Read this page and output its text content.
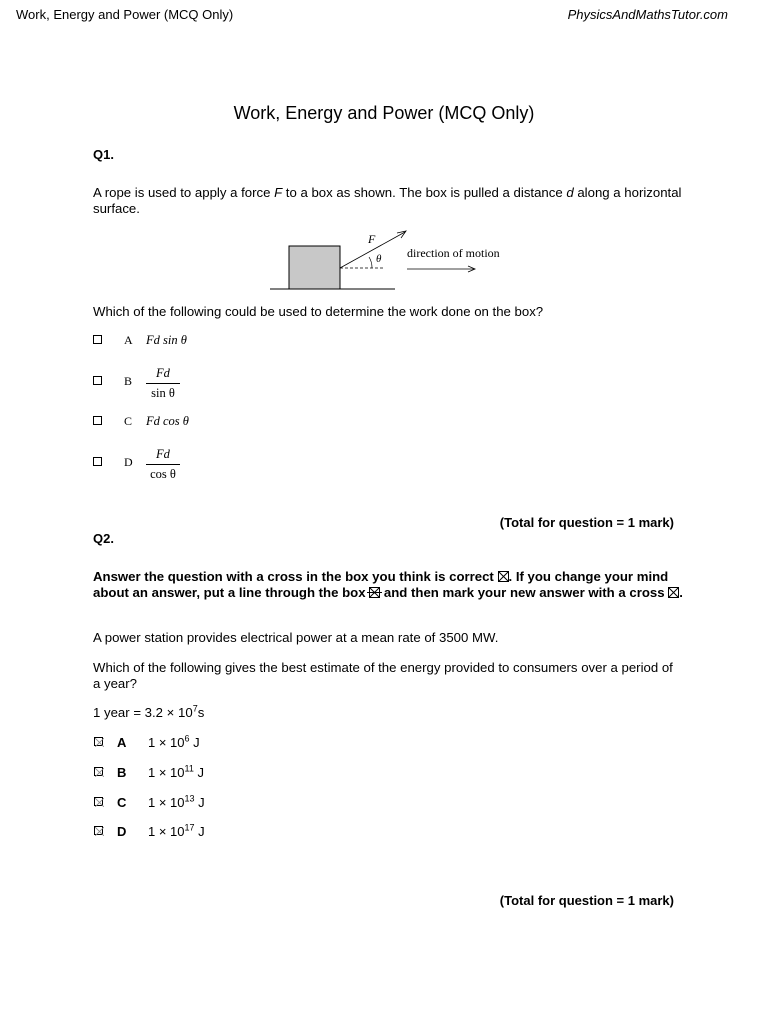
Work, Energy and Power (MCQ Only)	PhysicsAndMathsTutor.com
Work, Energy and Power (MCQ Only)
Q1.
A rope is used to apply a force F to a box as shown. The box is pulled a distance d along a horizontal surface.
F
θ direction of motion
Which of the following could be used to determine the work done on the box?
A Fd sin θ
B $\frac{Fd}{\text{sin θ}}$
C Fd cos θ
D $\frac{Fd}{\text{cos θ}}$
(Total for question = 1 mark)
Q2.
Answer the question with a cross in the box you think is correct ☒. If you change your mind about an answer, put a line through the box
and then mark your new answer with a cross ☒.
A power station provides electrical power at a mean rate of 3500 MW.
Which of the following gives the best estimate of the energy provided to consumers over a period of a year?
1 year = $3.2 \times 10^7s$
A $1 \times 10^6$ J
B $1 \times 10^{11}$ J
C $1 \times 10^{13}$ J
D $1 \times 10^{17}$ J
(Total for question = 1 mark)
